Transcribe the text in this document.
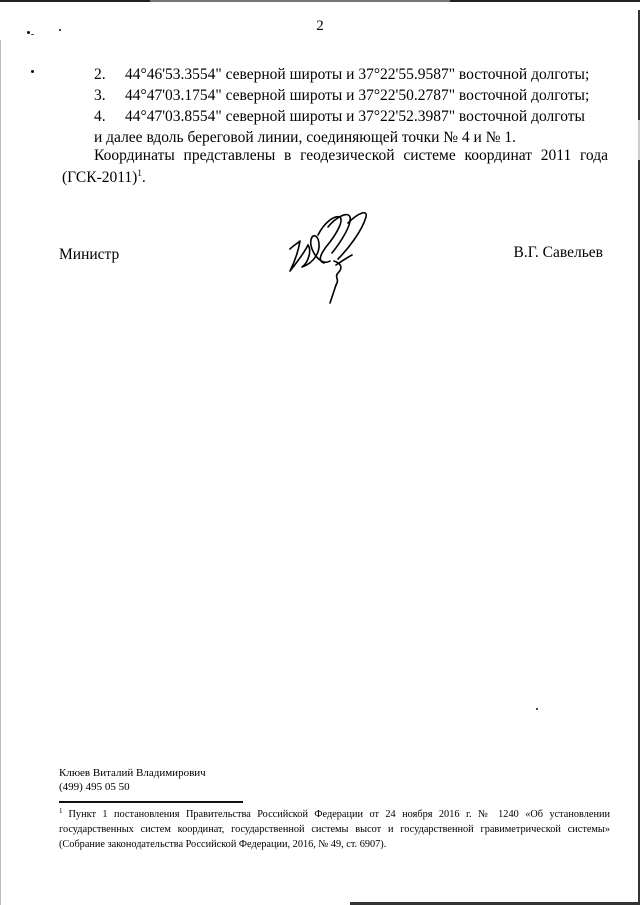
2
2. 44°46'53.3554" северной широты и 37°22'55.9587" восточной долготы;
3. 44°47'03.1754" северной широты и 37°22'50.2787" восточной долготы;
4. 44°47'03.8554" северной широты и 37°22'52.3987" восточной долготы
и далее вдоль береговой линии, соединяющей точки № 4 и № 1.
Координаты представлены в геодезической системе координат 2011 года
$(ГСК-2011)^1$.
Министр	В.Г. Савельев
Клюев Виталий Владимирович
(499) 495 05 50
$^1$ Пункт 1 постановления Правительства Российской Федерации от 24 ноября 2016 г. № 1240 «Об установлении
государственных систем координат, государственной системы высот и государственной гравиметрической системы»
(Собрание законодательства Российской Федерации, 2016, № 49, ст. 6907).
